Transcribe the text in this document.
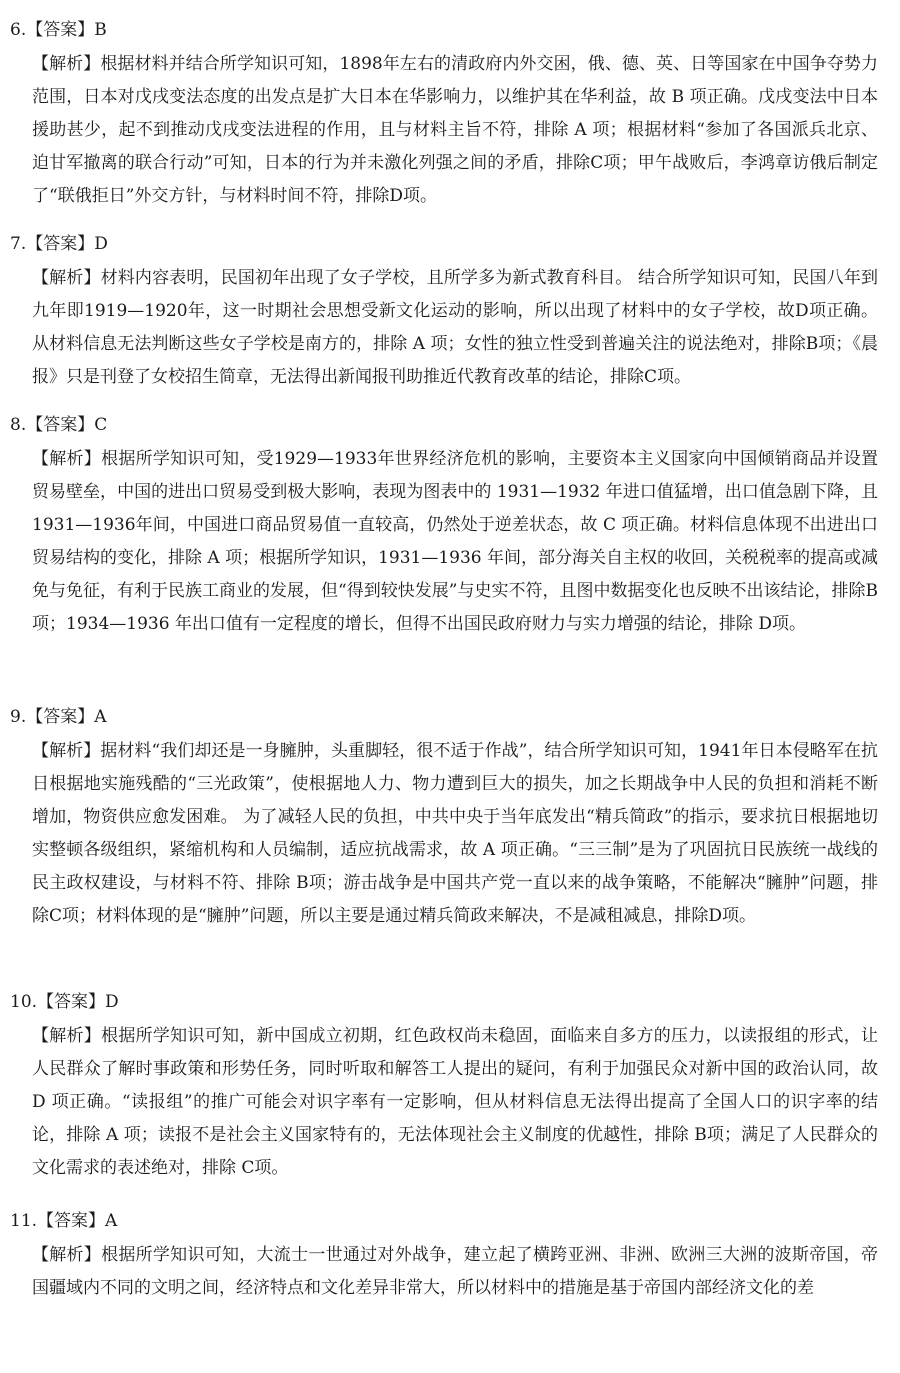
6.【答案】B
【解析】根据材料并结合所学知识可知，1898年左右的清政府内外交困，俄、德、英、日等国家在中国争夺势力范围，日本对戊戌变法态度的出发点是扩大日本在华影响力，以维护其在华利益，故 B 项正确。戊戌变法中日本援助甚少，起不到推动戊戌变法进程的作用，且与材料主旨不符，排除 A 项；根据材料“参加了各国派兵北京、迫甘军撤离的联合行动”可知，日本的行为并未激化列强之间的矛盾，排除C项；甲午战败后，李鸿章访俄后制定了“联俄拒日”外交方针，与材料时间不符，排除D项。
7.【答案】D
【解析】材料内容表明，民国初年出现了女子学校，且所学多为新式教育科目。 结合所学知识可知，民国八年到九年即1919—1920年，这一时期社会思想受新文化运动的影响，所以出现了材料中的女子学校，故D项正确。从材料信息无法判断这些女子学校是南方的，排除 A 项；女性的独立性受到普遍关注的说法绝对，排除B项；《晨报》只是刊登了女校招生简章，无法得出新闻报刊助推近代教育改革的结论，排除C项。
8.【答案】C
【解析】根据所学知识可知，受1929—1933年世界经济危机的影响，主要资本主义国家向中国倾销商品并设置贸易壁垒，中国的进出口贸易受到极大影响，表现为图表中的 1931—1932 年进口值猛增，出口值急剧下降，且 1931—1936年间，中国进口商品贸易值一直较高，仍然处于逆差状态，故 C 项正确。材料信息体现不出进出口贸易结构的变化，排除 A 项；根据所学知识，1931—1936 年间，部分海关自主权的收回，关税税率的提高或减免与免征，有利于民族工商业的发展，但“得到较快发展”与史实不符，且图中数据变化也反映不出该结论，排除B项；1934—1936 年出口值有一定程度的增长，但得不出国民政府财力与实力增强的结论，排除 D项。
9.【答案】A
【解析】据材料“我们却还是一身臃肿，头重脚轻，很不适于作战”，结合所学知识可知，1941年日本侵略军在抗日根据地实施残酷的“三光政策”，使根据地人力、物力遭到巨大的损失，加之长期战争中人民的负担和消耗不断增加，物资供应愈发困难。 为了减轻人民的负担，中共中央于当年底发出“精兵简政”的指示，要求抗日根据地切实整顿各级组织，紧缩机构和人员编制，适应抗战需求，故 A 项正确。“三三制”是为了巩固抗日民族统一战线的民主政权建设，与材料不符、排除 B项；游击战争是中国共产党一直以来的战争策略，不能解决“臃肿”问题，排除C项；材料体现的是“臃肿”问题，所以主要是通过精兵简政来解决，不是减租减息，排除D项。
10.【答案】D
【解析】根据所学知识可知，新中国成立初期，红色政权尚未稳固，面临来自多方的压力，以读报组的形式，让人民群众了解时事政策和形势任务，同时听取和解答工人提出的疑问，有利于加强民众对新中国的政治认同，故D 项正确。“读报组”的推广可能会对识字率有一定影响，但从材料信息无法得出提高了全国人口的识字率的结论，排除 A 项；读报不是社会主义国家特有的，无法体现社会主义制度的优越性，排除 B项；满足了人民群众的文化需求的表述绝对，排除 C项。
11.【答案】A
【解析】根据所学知识可知，大流士一世通过对外战争，建立起了横跨亚洲、非洲、欧洲三大洲的波斯帝国，帝国疆域内不同的文明之间，经济特点和文化差异非常大，所以材料中的措施是基于帝国内部经济文化的差
